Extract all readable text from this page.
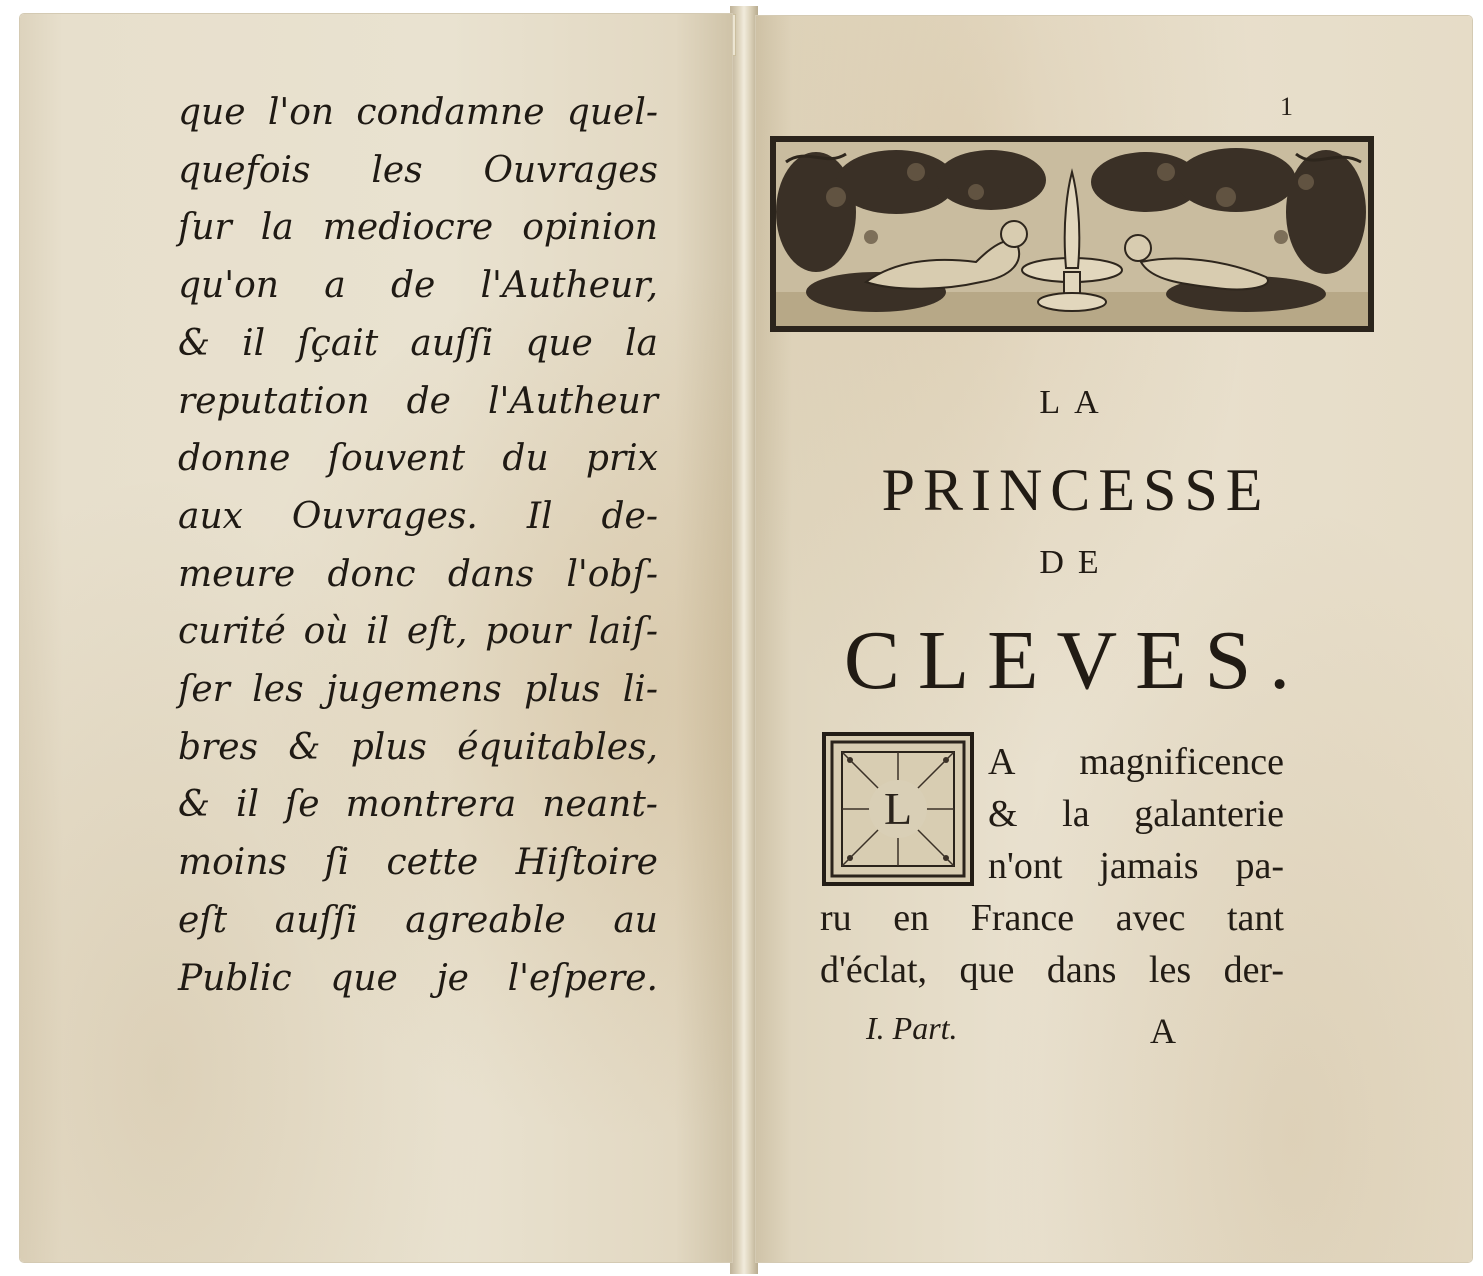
que l'on condamne quel-
quefois les Ouvrages
ſur la mediocre opinion
qu'on a de l'Autheur,
& il ſçait auſſi que la
reputation de l'Autheur
donne ſouvent du prix
aux Ouvrages. Il de-
meure donc dans l'obſ-
curité où il eſt, pour laiſ-
ſer les jugemens plus li-
bres & plus équitables,
& il ſe montrera neant-
moins ſi cette Hiſtoire
eſt auſſi agreable au
Public que je l'eſpere.
1
LA
PRINCESSE
DE
CLEVES.
L
A magnificence
& la galanterie
n'ont jamais pa-
ru en France avec tant
d'éclat, que dans les der-
I. Part.	A
